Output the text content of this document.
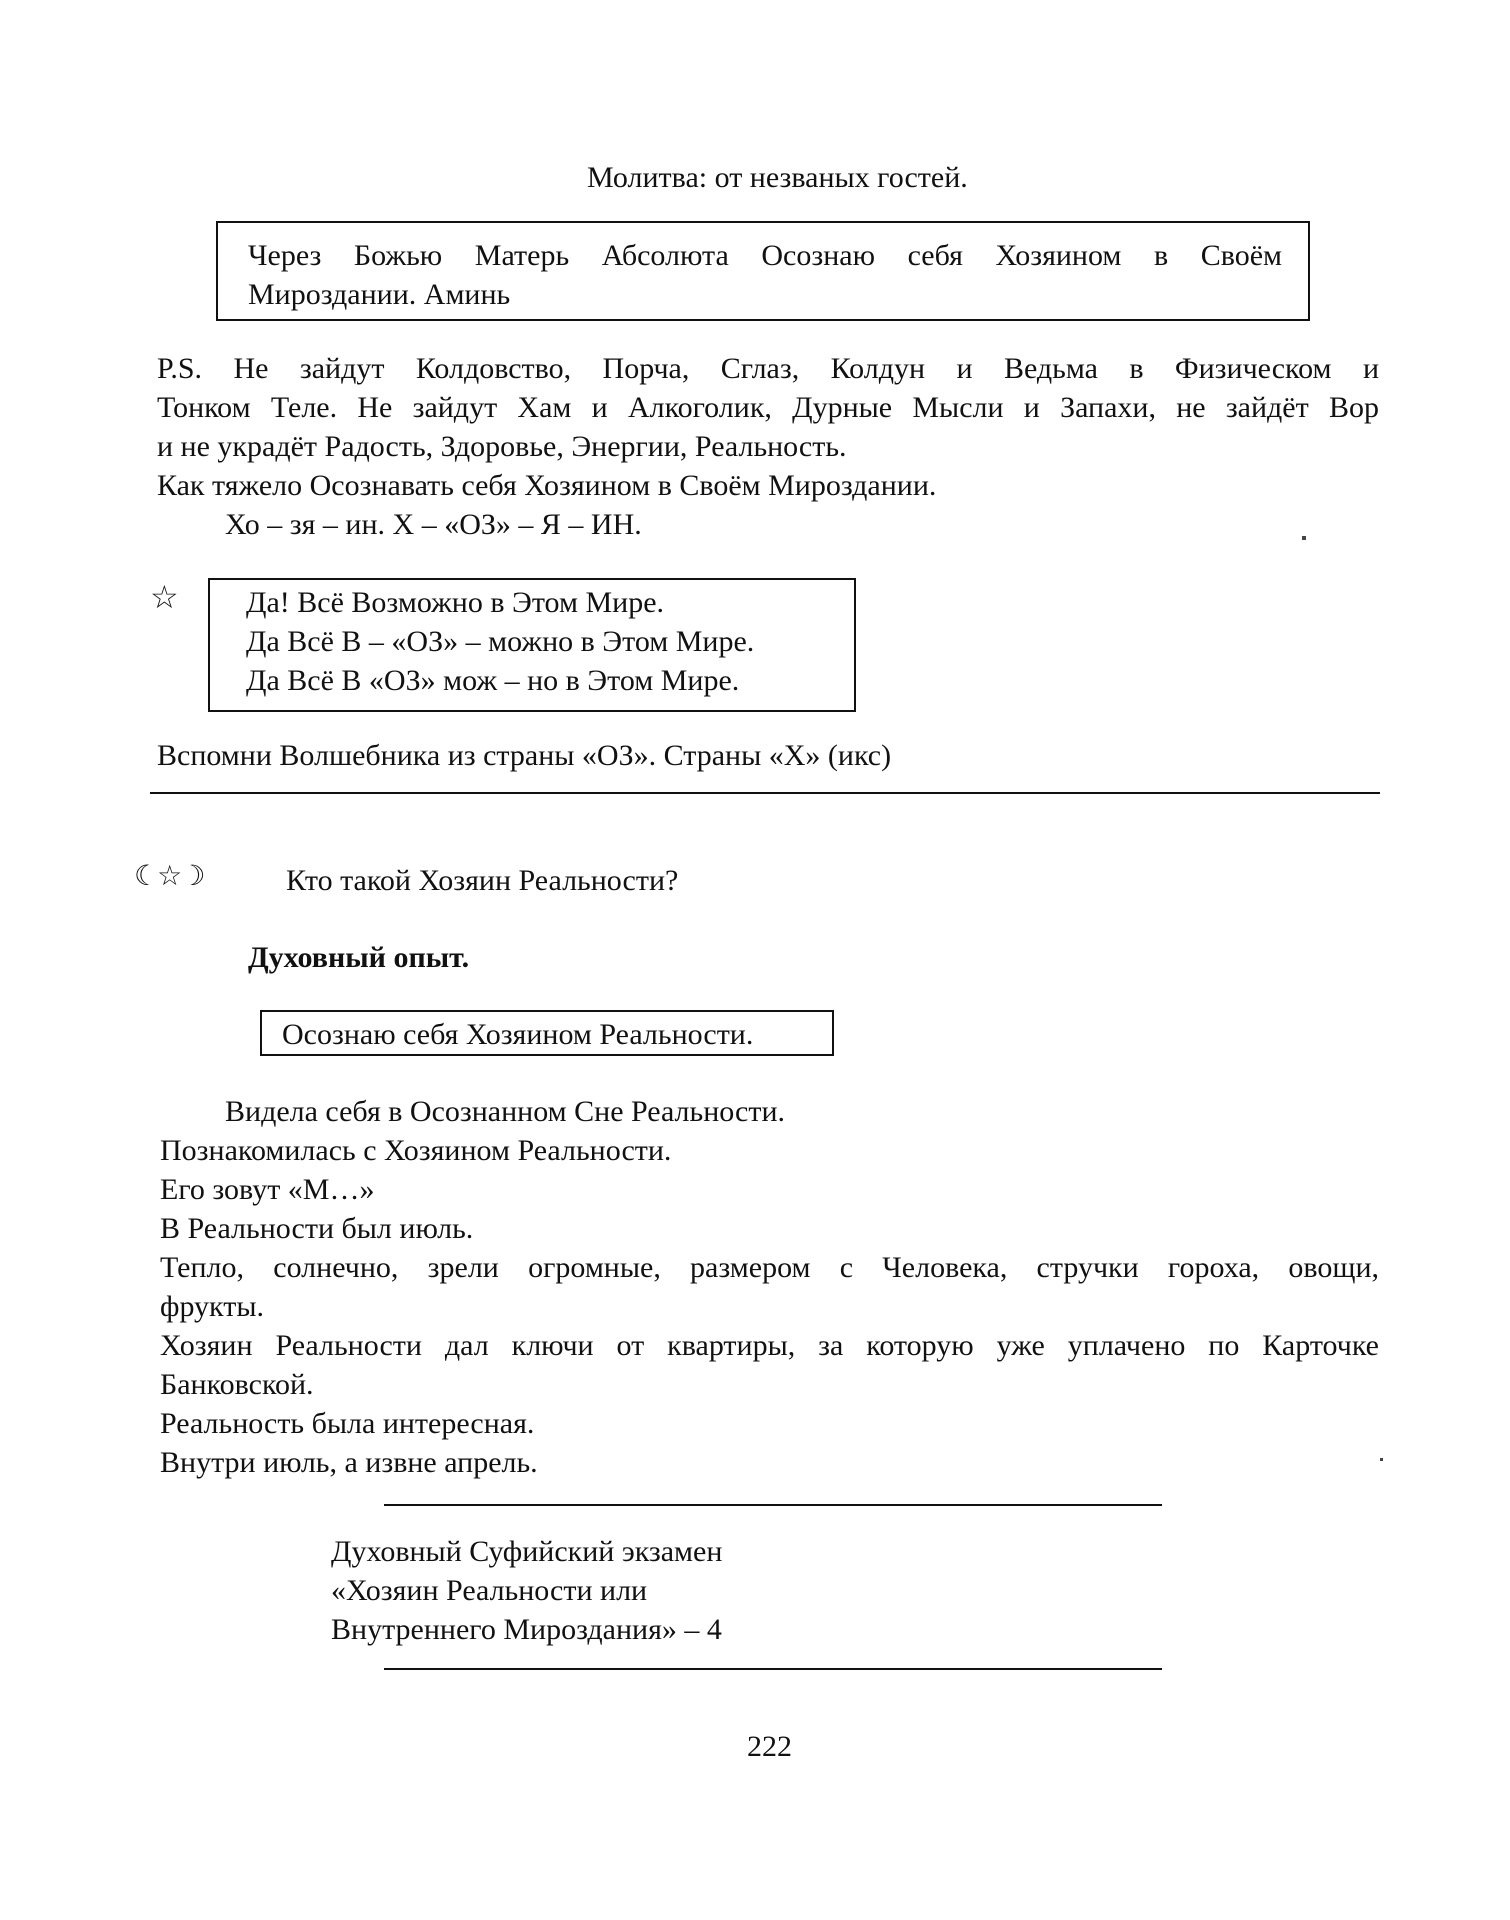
Молитва: от незваных гостей.
Через Божью Матерь Абсолюта Осознаю себя Хозяином в Своём
Мироздании. Аминь
P.S. Не зайдут Колдовство, Порча, Сглаз, Колдун и Ведьма в Физическом и
Тонком Теле. Не зайдут Хам и Алкоголик, Дурные Мысли и Запахи, не зайдёт Вор
и не украдёт Радость, Здоровье, Энергии, Реальность.
Как тяжело Осознавать себя Хозяином в Своём Мироздании.
Хо – зя – ин. Х – «ОЗ» – Я – ИН.
☆ Да! Всё Возможно в Этом Мире.
Да Всё В – «ОЗ» – можно в Этом Мире.
Да Всё В «ОЗ» мож – но в Этом Мире.
Вспомни Волшебника из страны «ОЗ». Страны «Х» (икс)
☾☆☽	Кто такой Хозяин Реальности?
Духовный опыт.
Осознаю себя Хозяином Реальности.
Видела себя в Осознанном Сне Реальности.
Познакомилась с Хозяином Реальности.
Его зовут «М…»
В Реальности был июль.
Тепло, солнечно, зрели огромные, размером с Человека, стручки гороха, овощи,
фрукты.
Хозяин Реальности дал ключи от квартиры, за которую уже уплачено по Карточке
Банковской.
Реальность была интересная.
Внутри июль, а извне апрель.
Духовный Суфийский экзамен
«Хозяин Реальности или
Внутреннего Мироздания» – 4
222
